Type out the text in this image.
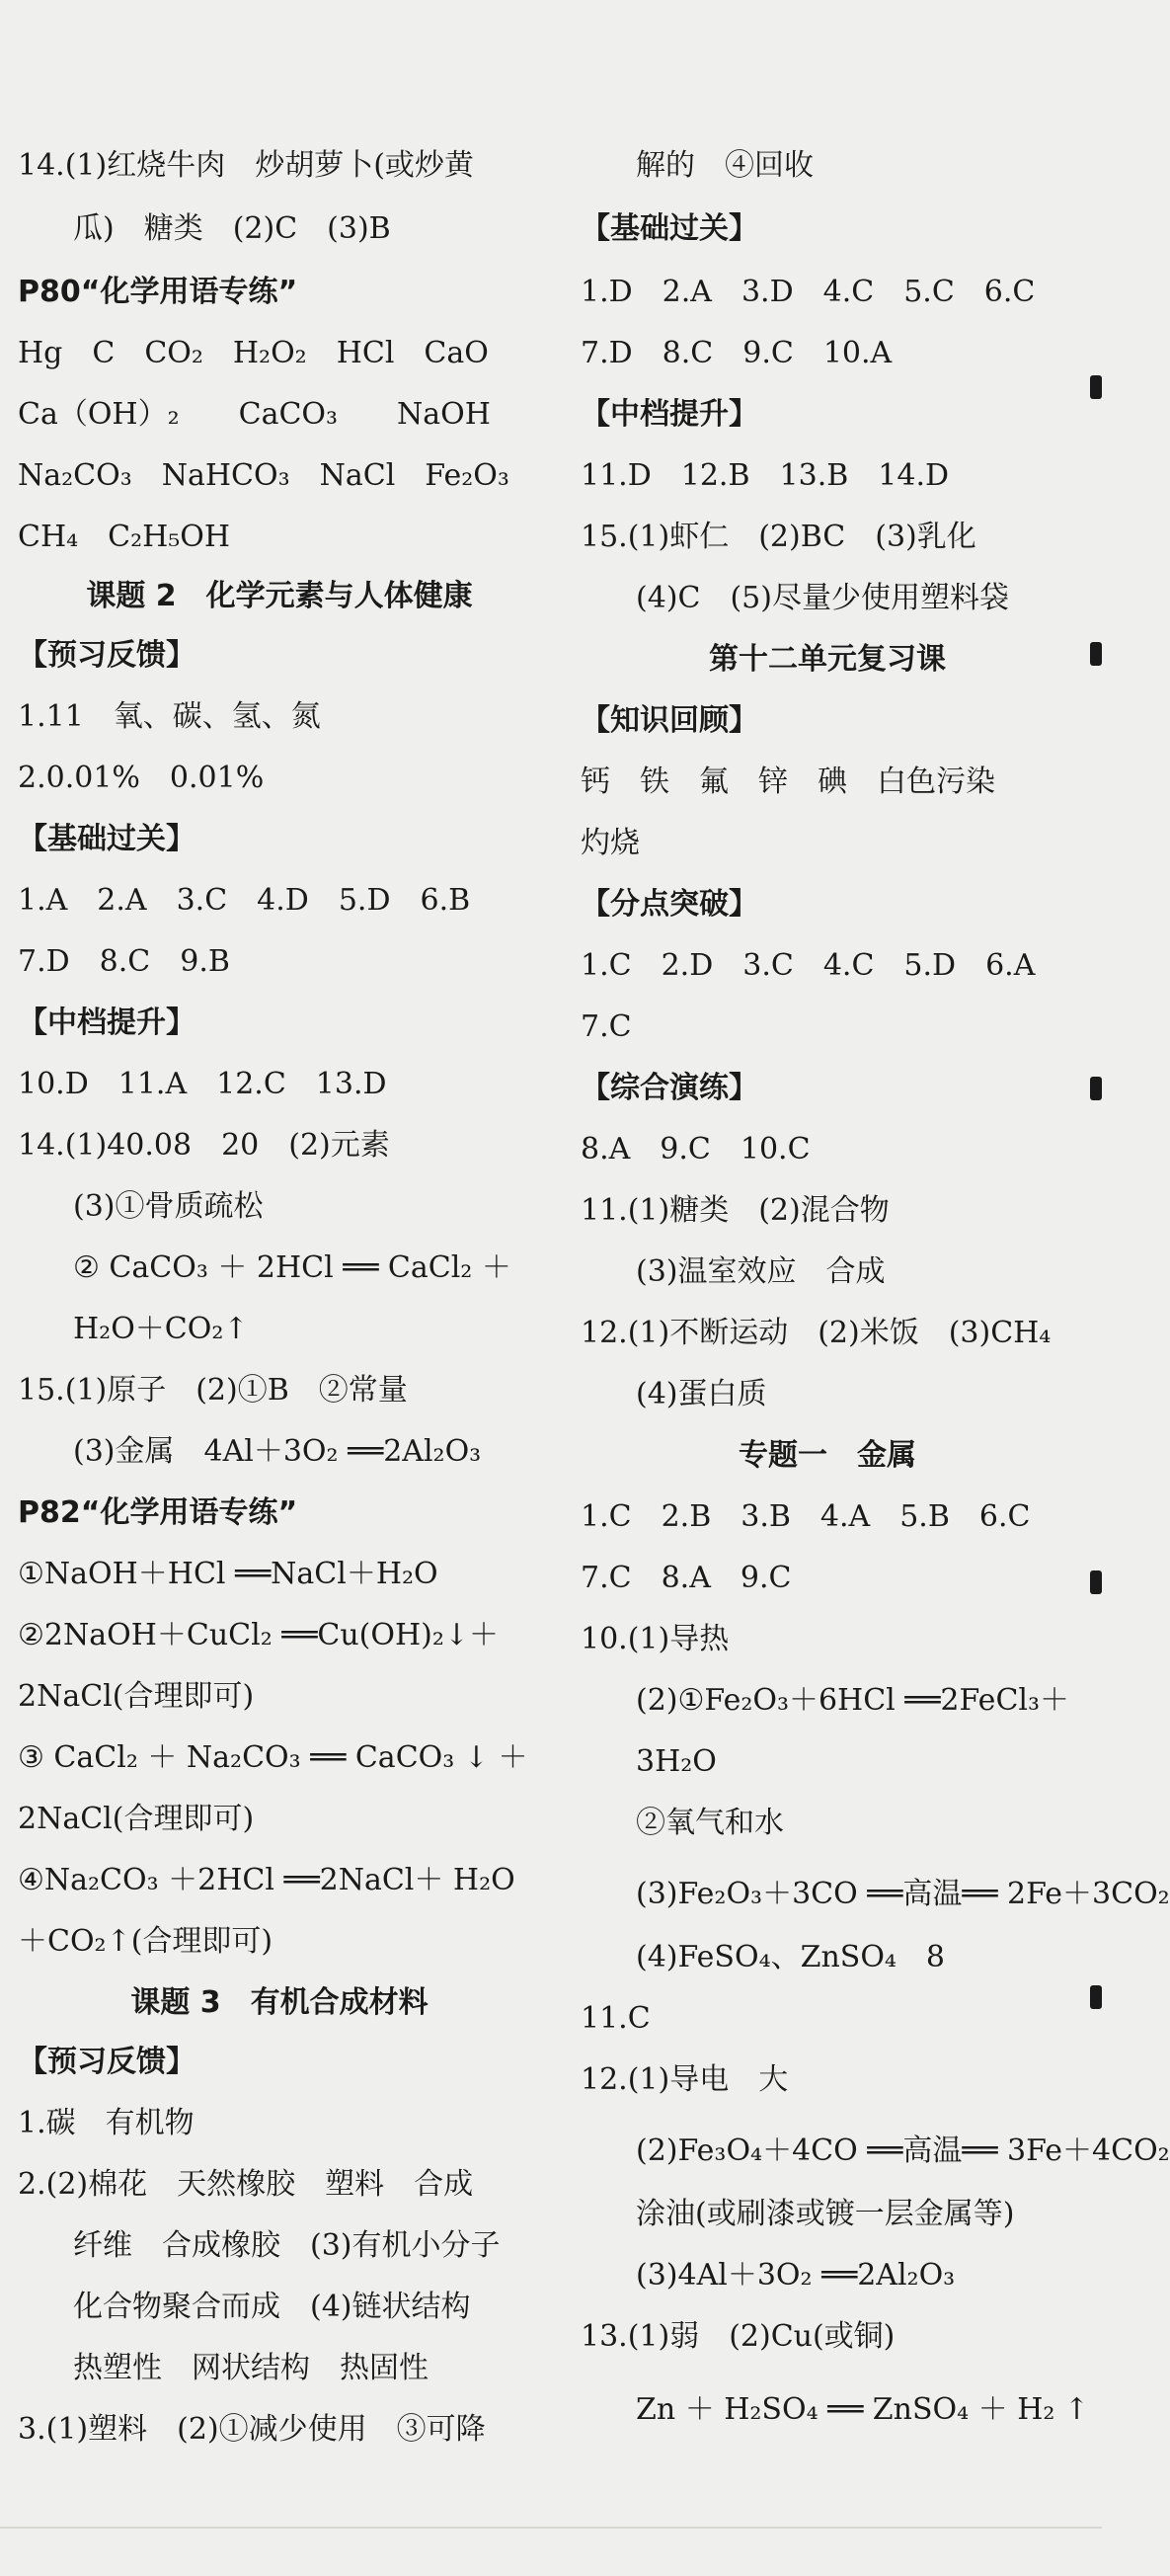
14.(1)红烧牛肉　炒胡萝卜(或炒黄
瓜)　糖类　(2)C　(3)B
P80“化学用语专练”
Hg　C　CO₂　H₂O₂　HCl　CaO
Ca（OH）₂　　CaCO₃　　NaOH
Na₂CO₃　NaHCO₃　NaCl　Fe₂O₃
CH₄　C₂H₅OH
课题 2　化学元素与人体健康
【预习反馈】
1.11　氧、碳、氢、氮
2.0.01%　0.01%
【基础过关】
1.A　2.A　3.C　4.D　5.D　6.B
7.D　8.C　9.B
【中档提升】
10.D　11.A　12.C　13.D
14.(1)40.08　20　(2)元素
(3)①骨质疏松
② CaCO₃ ＋ 2HCl ══ CaCl₂ ＋
H₂O＋CO₂↑
15.(1)原子　(2)①B　②常量
(3)金属　4Al＋3O₂ ══2Al₂O₃
P82“化学用语专练”
①NaOH＋HCl ══NaCl＋H₂O
②2NaOH＋CuCl₂ ══Cu(OH)₂↓＋
2NaCl(合理即可)
③ CaCl₂ ＋ Na₂CO₃ ══ CaCO₃ ↓ ＋
2NaCl(合理即可)
④Na₂CO₃ ＋2HCl ══2NaCl＋ H₂O
＋CO₂↑(合理即可)
课题 3　有机合成材料
【预习反馈】
1.碳　有机物
2.(2)棉花　天然橡胶　塑料　合成
纤维　合成橡胶　(3)有机小分子
化合物聚合而成　(4)链状结构
热塑性　网状结构　热固性
3.(1)塑料　(2)①减少使用　③可降
解的　④回收
【基础过关】
1.D　2.A　3.D　4.C　5.C　6.C
7.D　8.C　9.C　10.A
【中档提升】
11.D　12.B　13.B　14.D
15.(1)虾仁　(2)BC　(3)乳化
(4)C　(5)尽量少使用塑料袋
第十二单元复习课
【知识回顾】
钙　铁　氟　锌　碘　白色污染
灼烧
【分点突破】
1.C　2.D　3.C　4.C　5.D　6.A
7.C
【综合演练】
8.A　9.C　10.C
11.(1)糖类　(2)混合物
(3)温室效应　合成
12.(1)不断运动　(2)米饭　(3)CH₄
(4)蛋白质
专题一　金属
1.C　2.B　3.B　4.A　5.B　6.C
7.C　8.A　9.C
10.(1)导热
(2)①Fe₂O₃＋6HCl ══2FeCl₃＋
3H₂O
②氧气和水
(3)Fe₂O₃＋3CO ══高温══ 2Fe＋3CO₂
(4)FeSO₄、ZnSO₄　8
11.C
12.(1)导电　大
(2)Fe₃O₄＋4CO ══高温══ 3Fe＋4CO₂
涂油(或刷漆或镀一层金属等)
(3)4Al＋3O₂ ══2Al₂O₃
13.(1)弱　(2)Cu(或铜)
Zn ＋ H₂SO₄ ══ ZnSO₄ ＋ H₂ ↑
